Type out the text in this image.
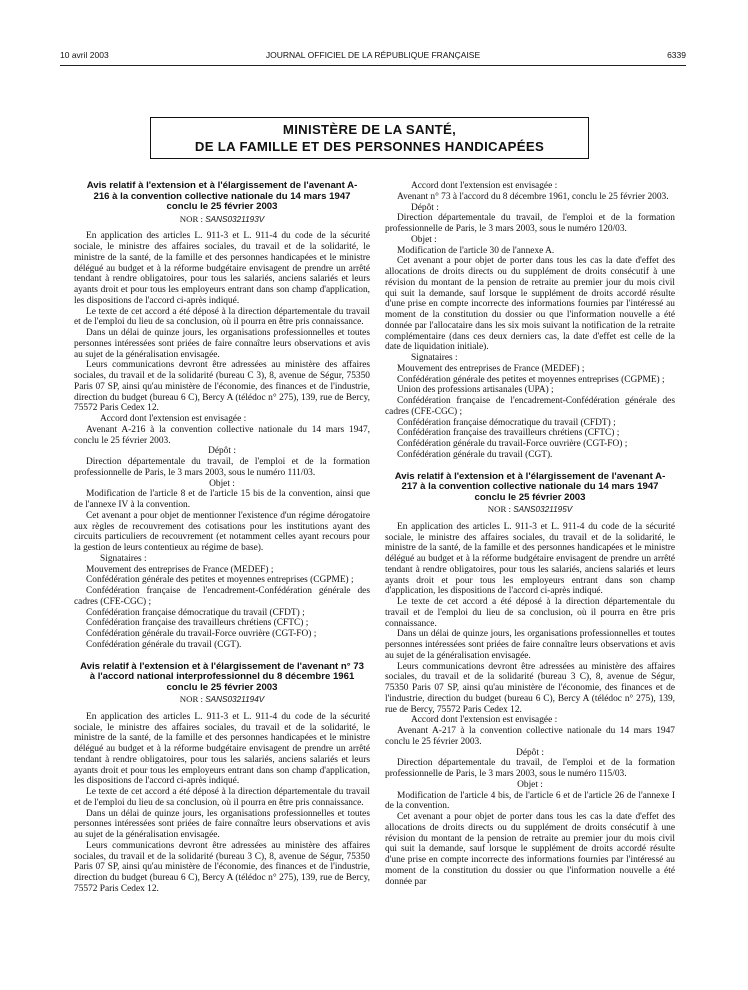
10 avril 2003	JOURNAL OFFICIEL DE LA RÉPUBLIQUE FRANÇAISE	6339
MINISTÈRE DE LA SANTÉ,
DE LA FAMILLE ET DES PERSONNES HANDICAPÉES
Avis relatif à l'extension et à l'élargissement de l'avenant A-216 à la convention collective nationale du 14 mars 1947 conclu le 25 février 2003
NOR : SANS0321193V

En application des articles L. 911-3 et L. 911-4 du code de la sécurité sociale, le ministre des affaires sociales, du travail et de la solidarité, le ministre de la santé, de la famille et des personnes handicapées et le ministre délégué au budget et à la réforme budgétaire envisagent de prendre un arrêté tendant à rendre obligatoires, pour tous les salariés, anciens salariés et leurs ayants droit et pour tous les employeurs entrant dans son champ d'application, les dispositions de l'accord ci-après indiqué.

Le texte de cet accord a été déposé à la direction départementale du travail et de l'emploi du lieu de sa conclusion, où il pourra en être pris connaissance.

Dans un délai de quinze jours, les organisations professionnelles et toutes personnes intéressées sont priées de faire connaître leurs observations et avis au sujet de la généralisation envisagée.

Leurs communications devront être adressées au ministère des affaires sociales, du travail et de la solidarité (bureau C 3), 8, avenue de Ségur, 75350 Paris 07 SP, ainsi qu'au ministère de l'économie, des finances et de l'industrie, direction du budget (bureau 6 C), Bercy A (télédoc n° 275), 139, rue de Bercy, 75572 Paris Cedex 12.

Accord dont l'extension est envisagée :

Avenant A-216 à la convention collective nationale du 14 mars 1947, conclu le 25 février 2003.

Dépôt :

Direction départementale du travail, de l'emploi et de la formation professionnelle de Paris, le 3 mars 2003, sous le numéro 111/03.

Objet :

Modification de l'article 8 et de l'article 15 bis de la convention, ainsi que de l'annexe IV à la convention.

Cet avenant a pour objet de mentionner l'existence d'un régime dérogatoire aux règles de recouvrement des cotisations pour les institutions ayant des circuits particuliers de recouvrement (et notamment celles ayant recours pour la gestion de leurs contentieux au régime de base).

Signataires :

Mouvement des entreprises de France (MEDEF) ;

Confédération générale des petites et moyennes entreprises (CGPME) ;

Confédération française de l'encadrement-Confédération générale des cadres (CFE-CGC) ;

Confédération française démocratique du travail (CFDT) ;

Confédération française des travailleurs chrétiens (CFTC) ;

Confédération générale du travail-Force ouvrière (CGT-FO) ;

Confédération générale du travail (CGT).

Avis relatif à l'extension et à l'élargissement de l'avenant n° 73 à l'accord national interprofessionnel du 8 décembre 1961 conclu le 25 février 2003
NOR : SANS0321194V

En application des articles L. 911-3 et L. 911-4 du code de la sécurité sociale, le ministre des affaires sociales, du travail et de la solidarité, le ministre de la santé, de la famille et des personnes handicapées et le ministre délégué au budget et à la réforme budgétaire envisagent de prendre un arrêté tendant à rendre obligatoires, pour tous les salariés, anciens salariés et leurs ayants droit et pour tous les employeurs entrant dans son champ d'application, les dispositions de l'accord ci-après indiqué.

Le texte de cet accord a été déposé à la direction départementale du travail et de l'emploi du lieu de sa conclusion, où il pourra en être pris connaissance.

Dans un délai de quinze jours, les organisations professionnelles et toutes personnes intéressées sont priées de faire connaître leurs observations et avis au sujet de la généralisation envisagée.

Leurs communications devront être adressées au ministère des affaires sociales, du travail et de la solidarité (bureau 3 C), 8, avenue de Ségur, 75350 Paris 07 SP, ainsi qu'au ministère de l'économie, des finances et de l'industrie, direction du budget (bureau 6 C), Bercy A (télédoc n° 275), 139, rue de Bercy, 75572 Paris Cedex 12.

Accord dont l'extension est envisagée :

Avenant n° 73 à l'accord du 8 décembre 1961, conclu le 25 février 2003.

Dépôt :

Direction départementale du travail, de l'emploi et de la formation professionnelle de Paris, le 3 mars 2003, sous le numéro 120/03.

Objet :

Modification de l'article 30 de l'annexe A.

Cet avenant a pour objet de porter dans tous les cas la date d'effet des allocations de droits directs ou du supplément de droits consécutif à une révision du montant de la pension de retraite au premier jour du mois civil qui suit la demande, sauf lorsque le supplément de droits accordé résulte d'une prise en compte incorrecte des informations fournies par l'intéressé au moment de la constitution du dossier ou que l'information nouvelle a été donnée par l'allocataire dans les six mois suivant la notification de la retraite complémentaire (dans ces deux derniers cas, la date d'effet est celle de la date de liquidation initiale).

Signataires :

Mouvement des entreprises de France (MEDEF) ;

Confédération générale des petites et moyennes entreprises (CGPME) ;

Union des professions artisanales (UPA) ;

Confédération française de l'encadrement-Confédération générale des cadres (CFE-CGC) ;

Confédération française démocratique du travail (CFDT) ;

Confédération française des travailleurs chrétiens (CFTC) ;

Confédération générale du travail-Force ouvrière (CGT-FO) ;

Confédération générale du travail (CGT).

Avis relatif à l'extension et à l'élargissement de l'avenant A-217 à la convention collective nationale du 14 mars 1947 conclu le 25 février 2003
NOR : SANS0321195V

En application des articles L. 911-3 et L. 911-4 du code de la sécurité sociale, le ministre des affaires sociales, du travail et de la solidarité, le ministre de la santé, de la famille et des personnes handicapées et le ministre délégué au budget et à la réforme budgétaire envisagent de prendre un arrêté tendant à rendre obligatoires, pour tous les salariés, anciens salariés et leurs ayants droit et pour tous les employeurs entrant dans son champ d'application, les dispositions de l'accord ci-après indiqué.

Le texte de cet accord a été déposé à la direction départementale du travail et de l'emploi du lieu de sa conclusion, où il pourra en être pris connaissance.

Dans un délai de quinze jours, les organisations professionnelles et toutes personnes intéressées sont priées de faire connaître leurs observations et avis au sujet de la généralisation envisagée.

Leurs communications devront être adressées au ministère des affaires sociales, du travail et de la solidarité (bureau 3 C), 8, avenue de Ségur, 75350 Paris 07 SP, ainsi qu'au ministère de l'économie, des finances et de l'industrie, direction du budget (bureau 6 C), Bercy A (télédoc n° 275), 139, rue de Bercy, 75572 Paris Cedex 12.

Accord dont l'extension est envisagée :

Avenant A-217 à la convention collective nationale du 14 mars 1947 conclu le 25 février 2003.

Dépôt :

Direction départementale du travail, de l'emploi et de la formation professionnelle de Paris, le 3 mars 2003, sous le numéro 115/03.

Objet :

Modification de l'article 4 bis, de l'article 6 et de l'article 26 de l'annexe I de la convention.

Cet avenant a pour objet de porter dans tous les cas la date d'effet des allocations de droits directs ou du supplément de droits consécutif à une révision du montant de la pension de retraite au premier jour du mois civil qui suit la demande, sauf lorsque le supplément de droits accordé résulte d'une prise en compte incorrecte des informations fournies par l'intéressé au moment de la constitution du dossier ou que l'information nouvelle a été donnée par
